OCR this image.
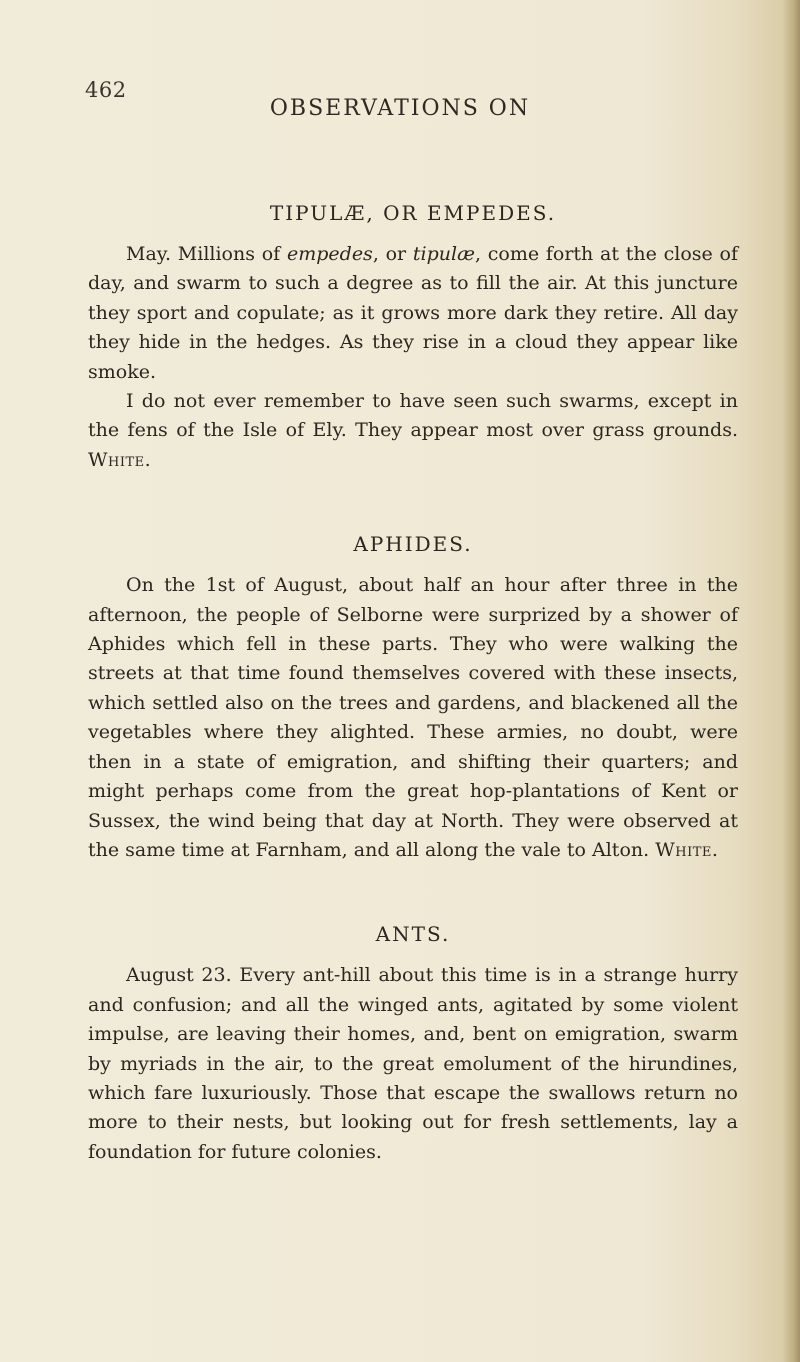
462
OBSERVATIONS ON
TIPULÆ, OR EMPEDES.

May. Millions of empedes, or tipulæ, come forth at the close of day, and swarm to such a degree as to fill the air. At this juncture they sport and copulate; as it grows more dark they retire. All day they hide in the hedges. As they rise in a cloud they appear like smoke.

I do not ever remember to have seen such swarms, except in the fens of the Isle of Ely. They appear most over grass grounds. White.

APHIDES.

On the 1st of August, about half an hour after three in the afternoon, the people of Selborne were surprized by a shower of Aphides which fell in these parts. They who were walking the streets at that time found themselves covered with these insects, which settled also on the trees and gardens, and blackened all the vegetables where they alighted. These armies, no doubt, were then in a state of emigration, and shifting their quarters; and might perhaps come from the great hop-plantations of Kent or Sussex, the wind being that day at North. They were observed at the same time at Farnham, and all along the vale to Alton. White.

ANTS.

August 23. Every ant-hill about this time is in a strange hurry and confusion; and all the winged ants, agitated by some violent impulse, are leaving their homes, and, bent on emigration, swarm by myriads in the air, to the great emolument of the hirundines, which fare luxuriously. Those that escape the swallows return no more to their nests, but looking out for fresh settlements, lay a foundation for future colonies.
